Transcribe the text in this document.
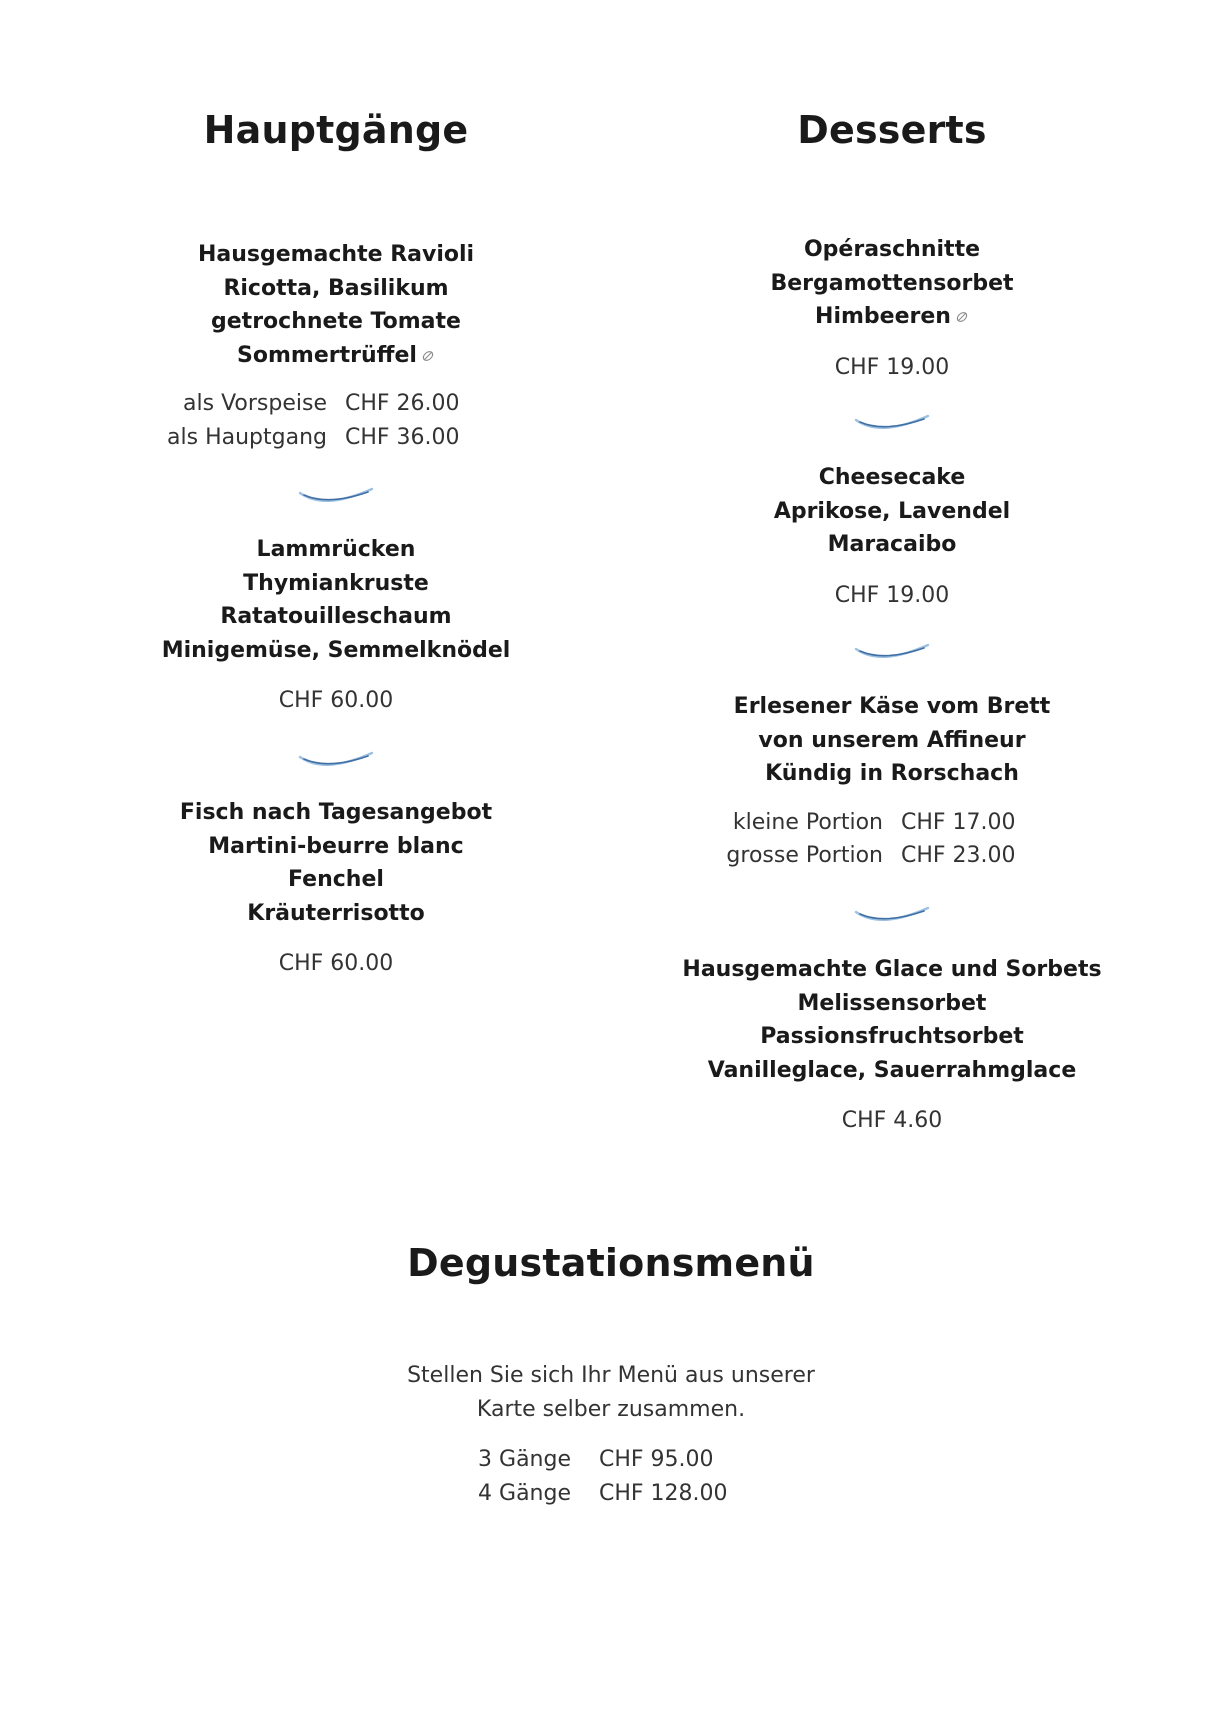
Hauptgänge
Hausgemachte Ravioli
Ricotta, Basilikum
getrochnete Tomate
Sommertrüffel
als Vorspeise CHF 26.00
als Hauptgang CHF 36.00
Lammrücken
Thymiankruste
Ratatouilleschaum
Minigemüse, Semmelknödel
CHF 60.00
Fisch nach Tagesangebot
Martini-beurre blanc
Fenchel
Kräuterrisotto
CHF 60.00
Desserts
Opéraschnitte
Bergamottensorbet
Himbeeren
CHF 19.00
Cheesecake
Aprikose, Lavendel
Maracaibo
CHF 19.00
Erlesener Käse vom Brett
von unserem Affineur
Kündig in Rorschach
kleine Portion CHF 17.00
grosse Portion CHF 23.00
Hausgemachte Glace und Sorbets
Melissensorbet
Passionsfruchtsorbet
Vanilleglace, Sauerrahmglace
CHF 4.60
Degustationsmenü
Stellen Sie sich Ihr Menü aus unserer
Karte selber zusammen.
3 Gänge	CHF 95.00
4 Gänge	CHF 128.00
